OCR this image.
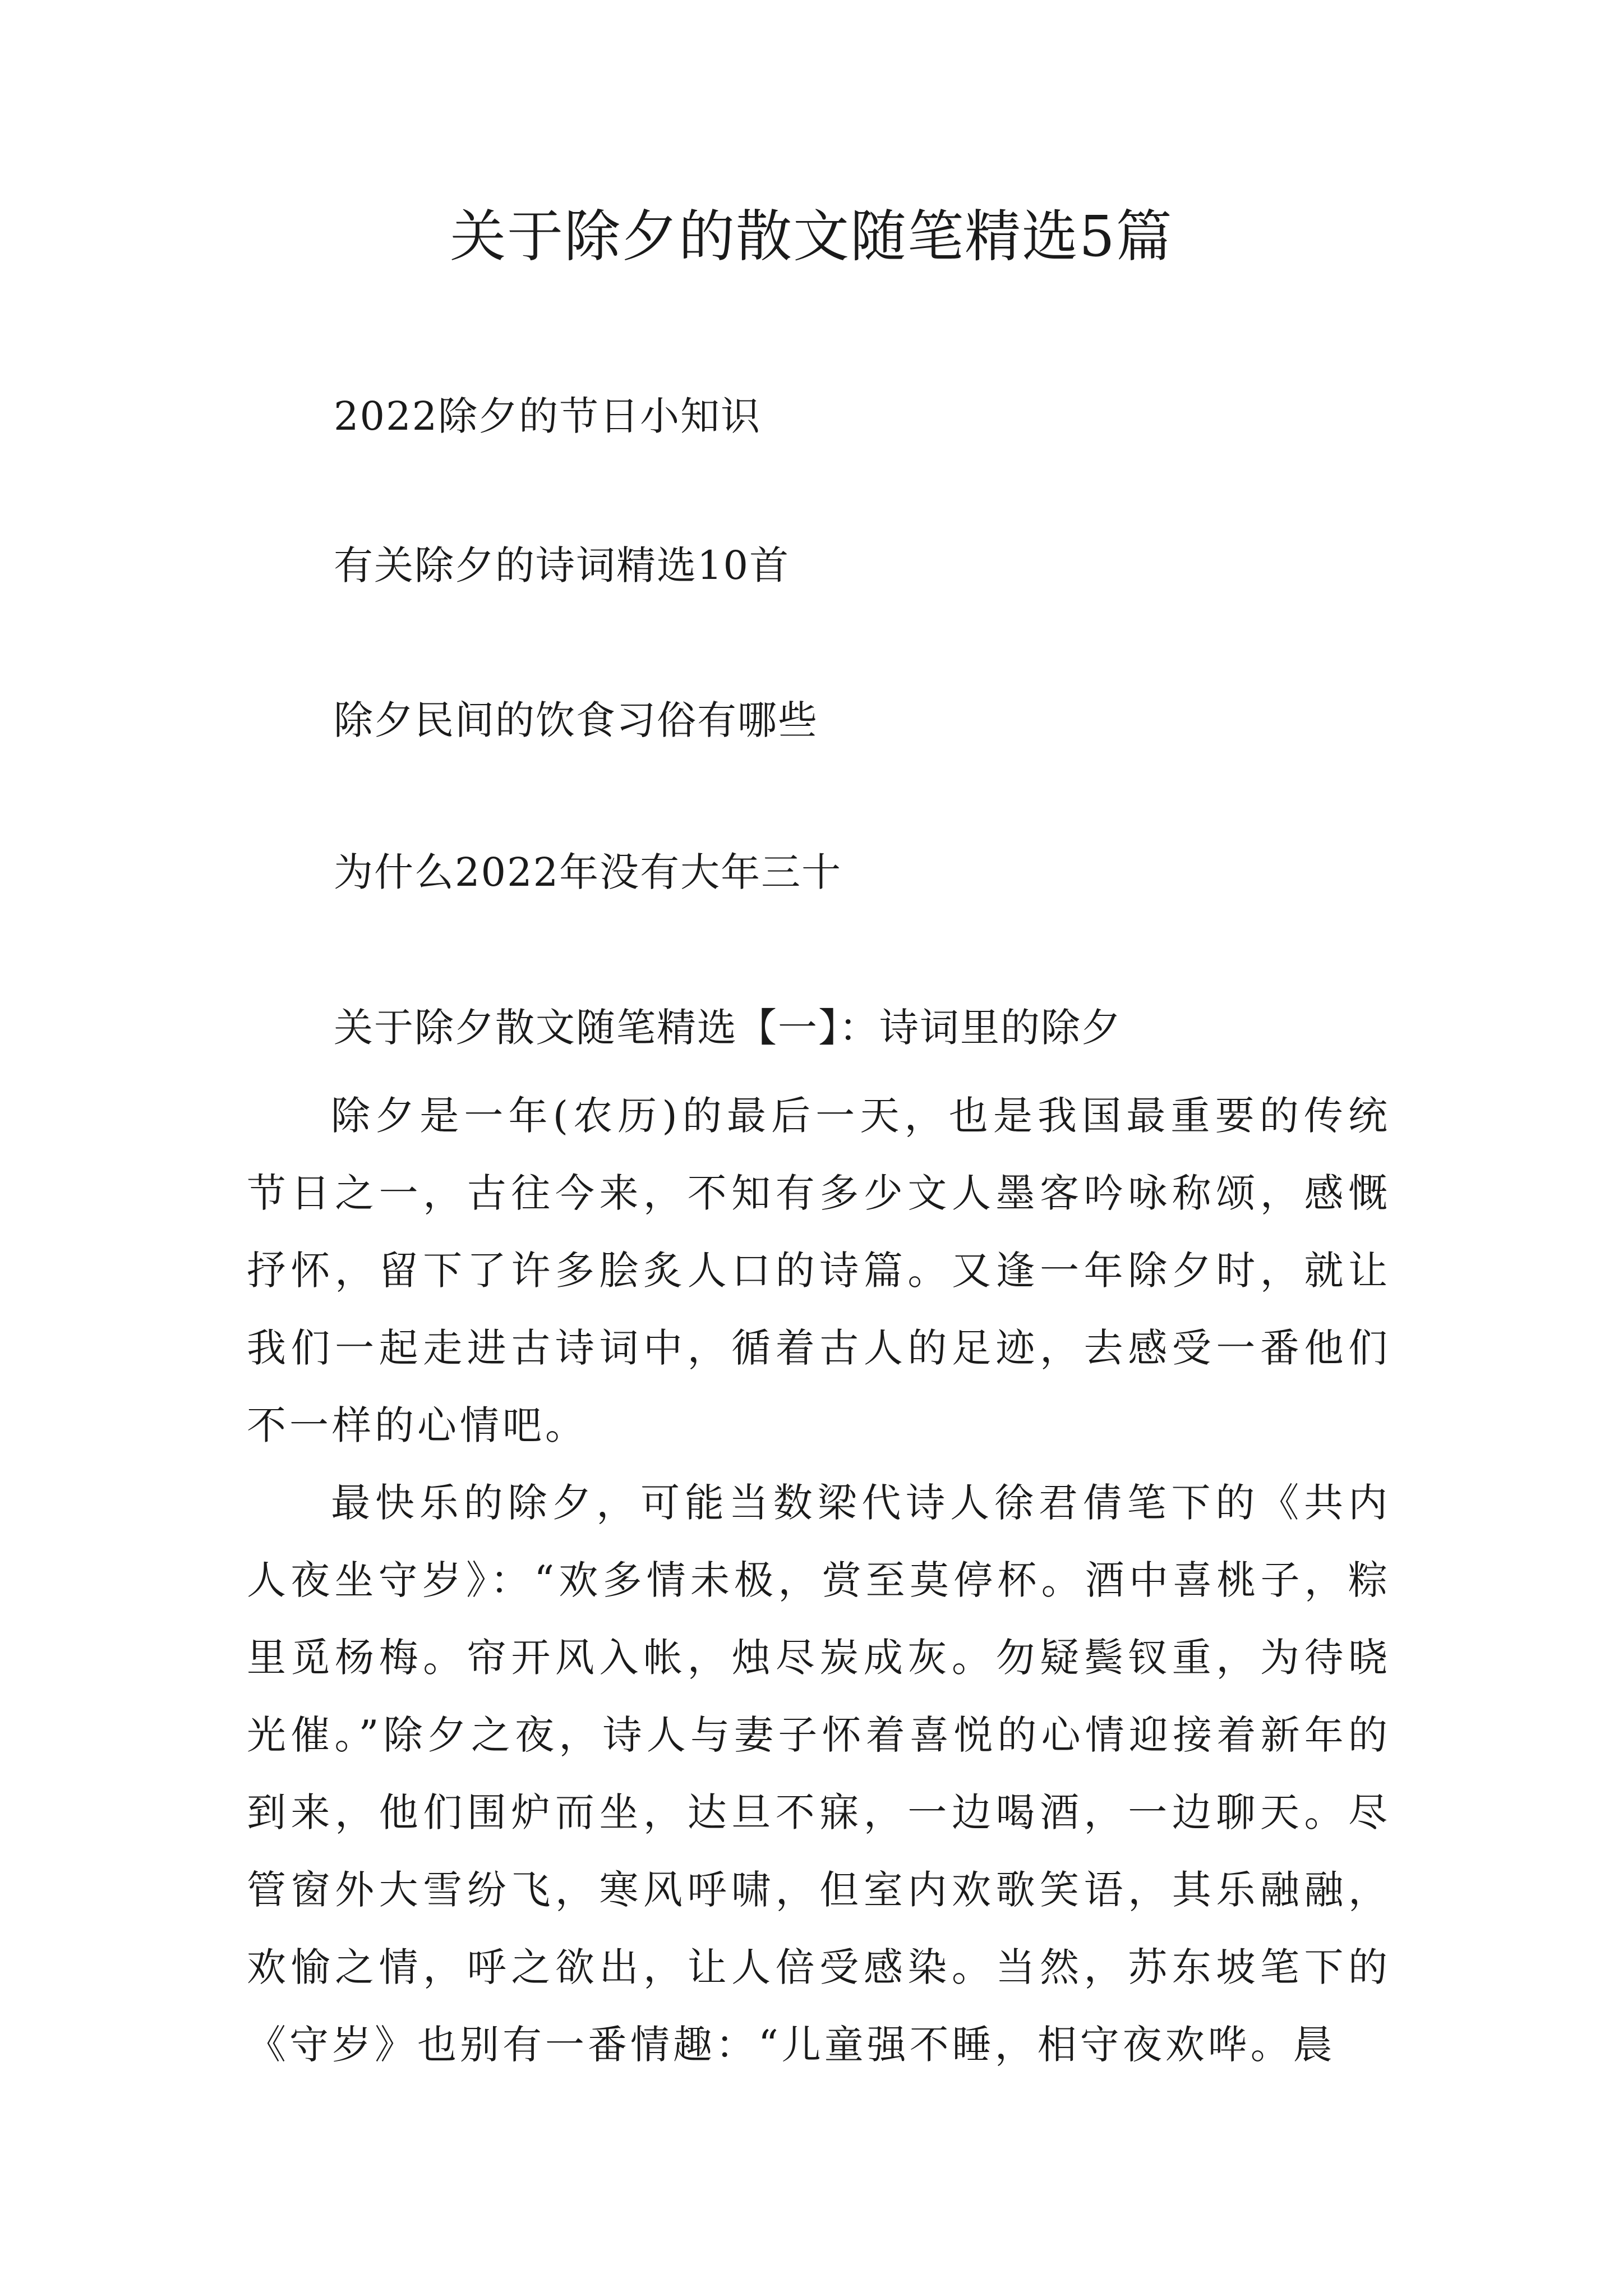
关于除夕的散文随笔精选5篇
2022除夕的节日小知识
有关除夕的诗词精选10首
除夕民间的饮食习俗有哪些
为什么2022年没有大年三十
关于除夕散文随笔精选【一】：诗词里的除夕

除夕是一年(农历)的最后一天，也是我国最重要的传统节日之一，古往今来，不知有多少文人墨客吟咏称颂，感慨抒怀，留下了许多脍炙人口的诗篇。又逢一年除夕时，就让我们一起走进古诗词中，循着古人的足迹，去感受一番他们不一样的心情吧。

最快乐的除夕，可能当数梁代诗人徐君倩笔下的《共内人夜坐守岁》：“欢多情未极，赏至莫停杯。酒中喜桃子，粽里觅杨梅。帘开风入帐，烛尽炭成灰。勿疑鬓钗重，为待晓光催。”除夕之夜，诗人与妻子怀着喜悦的心情迎接着新年的到来，他们围炉而坐，达旦不寐，一边喝酒，一边聊天。尽管窗外大雪纷飞，寒风呼啸，但室内欢歌笑语，其乐融融，欢愉之情，呼之欲出，让人倍受感染。当然，苏东坡笔下的《守岁》也别有一番情趣：“儿童强不睡，相守夜欢哗。晨
